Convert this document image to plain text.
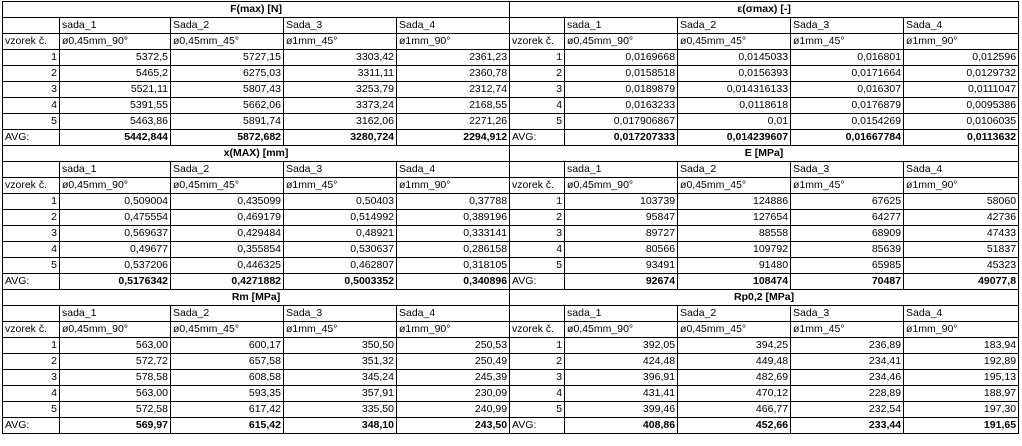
F(max) [N]					ε(σmax) [-]				
	sada_1	Sada_2	Sada_3	Sada_4		sada_1	Sada_2	Sada_3	Sada_4
vzorek č.	ø0,45mm_90°	ø0,45mm_45°	ø1mm_45°	ø1mm_90°	vzorek č.	ø0,45mm_90°	ø0,45mm_45°	ø1mm_45°	ø1mm_90°
1	5372,5	5727,15	3303,42	2361,23	1	0,0169668	0,0145033	0,016801	0,012596
2	5465,2	6275,03	3311,11	2360,78	2	0,0158518	0,0156393	0,0171664	0,0129732
3	5521,11	5807,43	3253,79	2312,74	3	0,0189879	0,014316133	0,016307	0,0111047
4	5391,55	5662,06	3373,24	2168,55	4	0,0163233	0,0118618	0,0176879	0,0095386
5	5463,86	5891,74	3162,06	2271,26	5	0,017906867	0,01	0,0154269	0,0106035
AVG:	5442,844	5872,682	3280,724	2294,912	AVG:	0,017207333	0,014239607	0,01667784	0,0113632
x(MAX) [mm]					E [MPa]				
	sada_1	Sada_2	Sada_3	Sada_4		sada_1	Sada_2	Sada_3	Sada_4
vzorek č.	ø0,45mm_90°	ø0,45mm_45°	ø1mm_45°	ø1mm_90°	vzorek č.	ø0,45mm_90°	ø0,45mm_45°	ø1mm_45°	ø1mm_90°
1	0,509004	0,435099	0,50403	0,37788	1	103739	124886	67625	58060
2	0,475554	0,469179	0,514992	0,389196	2	95847	127654	64277	42736
3	0,569637	0,429484	0,48921	0,333141	3	89727	88558	68909	47433
4	0,49677	0,355854	0,530637	0,286158	4	80566	109792	85639	51837
5	0,537206	0,446325	0,462807	0,318105	5	93491	91480	65985	45323
AVG:	0,5176342	0,4271882	0,5003352	0,340896	AVG:	92674	108474	70487	49077,8
Rm [MPa]					Rp0,2 [MPa]				
	sada_1	Sada_2	Sada_3	Sada_4		sada_1	Sada_2	Sada_3	Sada_4
vzorek č.	ø0,45mm_90°	ø0,45mm_45°	ø1mm_45°	ø1mm_90°	vzorek č.	ø0,45mm_90°	ø0,45mm_45°	ø1mm_45°	ø1mm_90°
1	563,00	600,17	350,50	250,53	1	392,05	394,25	236,89	183,94
2	572,72	657,58	351,32	250,49	2	424,48	449,48	234,41	192,89
3	578,58	608,58	345,24	245,39	3	396,91	482,69	234,46	195,13
4	563,00	593,35	357,91	230,09	4	431,41	470,12	228,89	188,97
5	572,58	617,42	335,50	240,99	5	399,46	466,77	232,54	197,30
AVG:	569,97	615,42	348,10	243,50	AVG:	408,86	452,66	233,44	191,65
